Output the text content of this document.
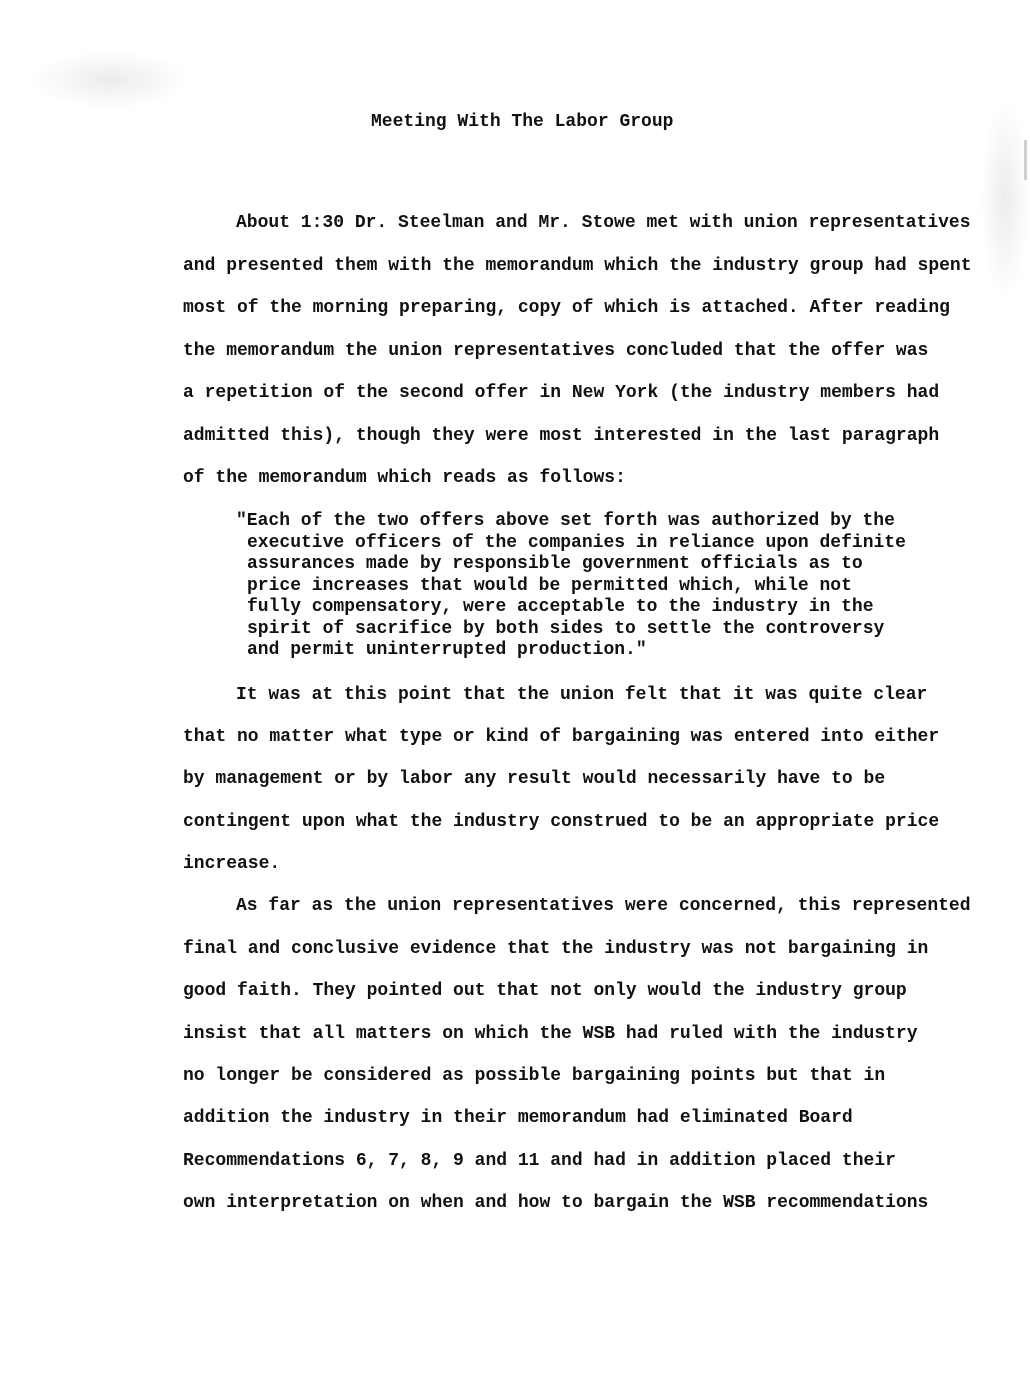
Meeting With The Labor Group

About 1:30 Dr. Steelman and Mr. Stowe met with union representatives

and presented them with the memorandum which the industry group had spent

most of the morning preparing, copy of which is attached. After reading

the memorandum the union representatives concluded that the offer was

a repetition of the second offer in New York (the industry members had

admitted this), though they were most interested in the last paragraph

of the memorandum which reads as follows:

"Each of the two offers above set forth was authorized by the

executive officers of the companies in reliance upon definite

assurances made by responsible government officials as to

price increases that would be permitted which, while not

fully compensatory, were acceptable to the industry in the

spirit of sacrifice by both sides to settle the controversy

and permit uninterrupted production."

It was at this point that the union felt that it was quite clear

that no matter what type or kind of bargaining was entered into either

by management or by labor any result would necessarily have to be

contingent upon what the industry construed to be an appropriate price

increase.

As far as the union representatives were concerned, this represented

final and conclusive evidence that the industry was not bargaining in

good faith. They pointed out that not only would the industry group

insist that all matters on which the WSB had ruled with the industry

no longer be considered as possible bargaining points but that in

addition the industry in their memorandum had eliminated Board

Recommendations 6, 7, 8, 9 and 11 and had in addition placed their

own interpretation on when and how to bargain the WSB recommendations
